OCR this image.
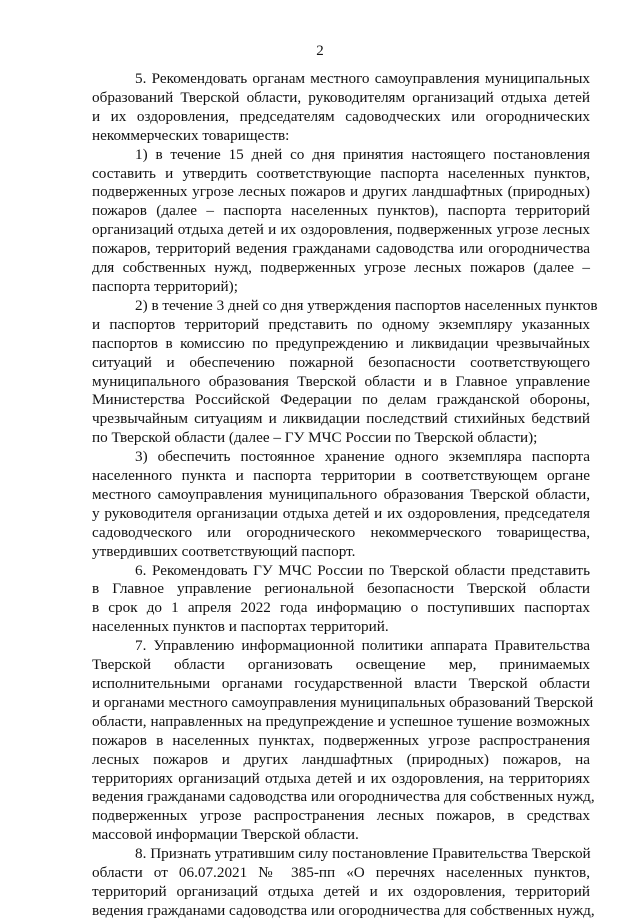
2
5. Рекомендовать органам местного самоуправления муниципальных
образований Тверской области, руководителям организаций отдыха детей
и их оздоровления, председателям садоводческих или огороднических
некоммерческих товариществ:
1) в течение 15 дней со дня принятия настоящего постановления
составить и утвердить соответствующие паспорта населенных пунктов,
подверженных угрозе лесных пожаров и других ландшафтных (природных)
пожаров (далее – паспорта населенных пунктов), паспорта территорий
организаций отдыха детей и их оздоровления, подверженных угрозе лесных
пожаров, территорий ведения гражданами садоводства или огородничества
для собственных нужд, подверженных угрозе лесных пожаров (далее –
паспорта территорий);
2) в течение 3 дней со дня утверждения паспортов населенных пунктов
и паспортов территорий представить по одному экземпляру указанных
паспортов в комиссию по предупреждению и ликвидации чрезвычайных
ситуаций и обеспечению пожарной безопасности соответствующего
муниципального образования Тверской области и в Главное управление
Министерства Российской Федерации по делам гражданской обороны,
чрезвычайным ситуациям и ликвидации последствий стихийных бедствий
по Тверской области (далее – ГУ МЧС России по Тверской области);
3) обеспечить постоянное хранение одного экземпляра паспорта
населенного пункта и паспорта территории в соответствующем органе
местного самоуправления муниципального образования Тверской области,
у руководителя организации отдыха детей и их оздоровления, председателя
садоводческого или огороднического некоммерческого товарищества,
утвердивших соответствующий паспорт.
6. Рекомендовать ГУ МЧС России по Тверской области представить
в Главное управление региональной безопасности Тверской области
в срок до 1 апреля 2022 года информацию о поступивших паспортах
населенных пунктов и паспортах территорий.
7. Управлению информационной политики аппарата Правительства
Тверской области организовать освещение мер, принимаемых
исполнительными органами государственной власти Тверской области
и органами местного самоуправления муниципальных образований Тверской
области, направленных на предупреждение и успешное тушение возможных
пожаров в населенных пунктах, подверженных угрозе распространения
лесных пожаров и других ландшафтных (природных) пожаров, на
территориях организаций отдыха детей и их оздоровления, на территориях
ведения гражданами садоводства или огородничества для собственных нужд,
подверженных угрозе распространения лесных пожаров, в средствах
массовой информации Тверской области.
8. Признать утратившим силу постановление Правительства Тверской
области от 06.07.2021 № 385-пп «О перечнях населенных пунктов,
территорий организаций отдыха детей и их оздоровления, территорий
ведения гражданами садоводства или огородничества для собственных нужд,
